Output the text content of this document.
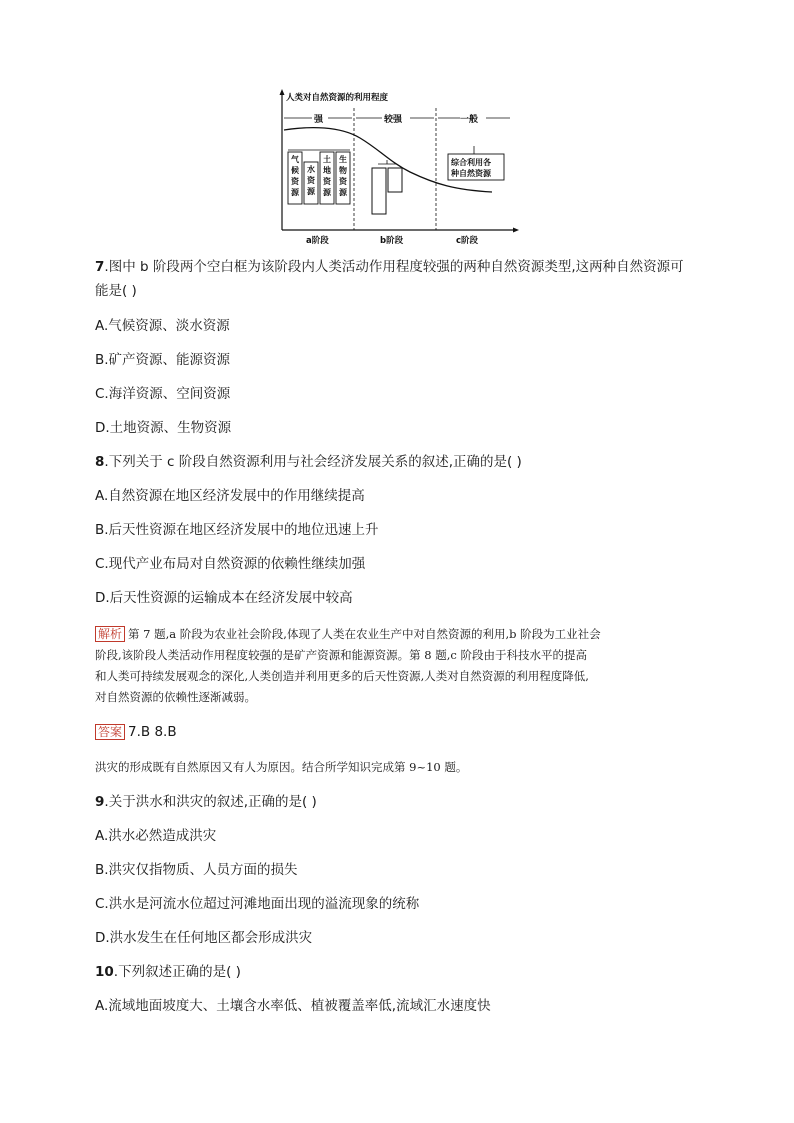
人类对自然资源的利用程度
强	较强	一般
气 候 资 源
水 资 源
土 地 资 源
生 物 资 源
综合利用各 种自然资源
a阶段	b阶段	c阶段
7.图中 b 阶段两个空白框为该阶段内人类活动作用程度较强的两种自然资源类型,这两种自然资源可
能是( )
A.气候资源、淡水资源
B.矿产资源、能源资源
C.海洋资源、空间资源
D.土地资源、生物资源
8.下列关于 c 阶段自然资源利用与社会经济发展关系的叙述,正确的是( )
A.自然资源在地区经济发展中的作用继续提高
B.后天性资源在地区经济发展中的地位迅速上升
C.现代产业布局对自然资源的依赖性继续加强
D.后天性资源的运输成本在经济发展中较高
解析 第 7 题,a 阶段为农业社会阶段,体现了人类在农业生产中对自然资源的利用,b 阶段为工业社会
阶段,该阶段人类活动作用程度较强的是矿产资源和能源资源。第 8 题,c 阶段由于科技水平的提高
和人类可持续发展观念的深化,人类创造并利用更多的后天性资源,人类对自然资源的利用程度降低,
对自然资源的依赖性逐渐减弱。
答案 7.B 8.B
洪灾的形成既有自然原因又有人为原因。结合所学知识完成第 9~10 题。
9.关于洪水和洪灾的叙述,正确的是( )
A.洪水必然造成洪灾
B.洪灾仅指物质、人员方面的损失
C.洪水是河流水位超过河滩地面出现的溢流现象的统称
D.洪水发生在任何地区都会形成洪灾
10.下列叙述正确的是( )
A.流域地面坡度大、土壤含水率低、植被覆盖率低,流域汇水速度快
